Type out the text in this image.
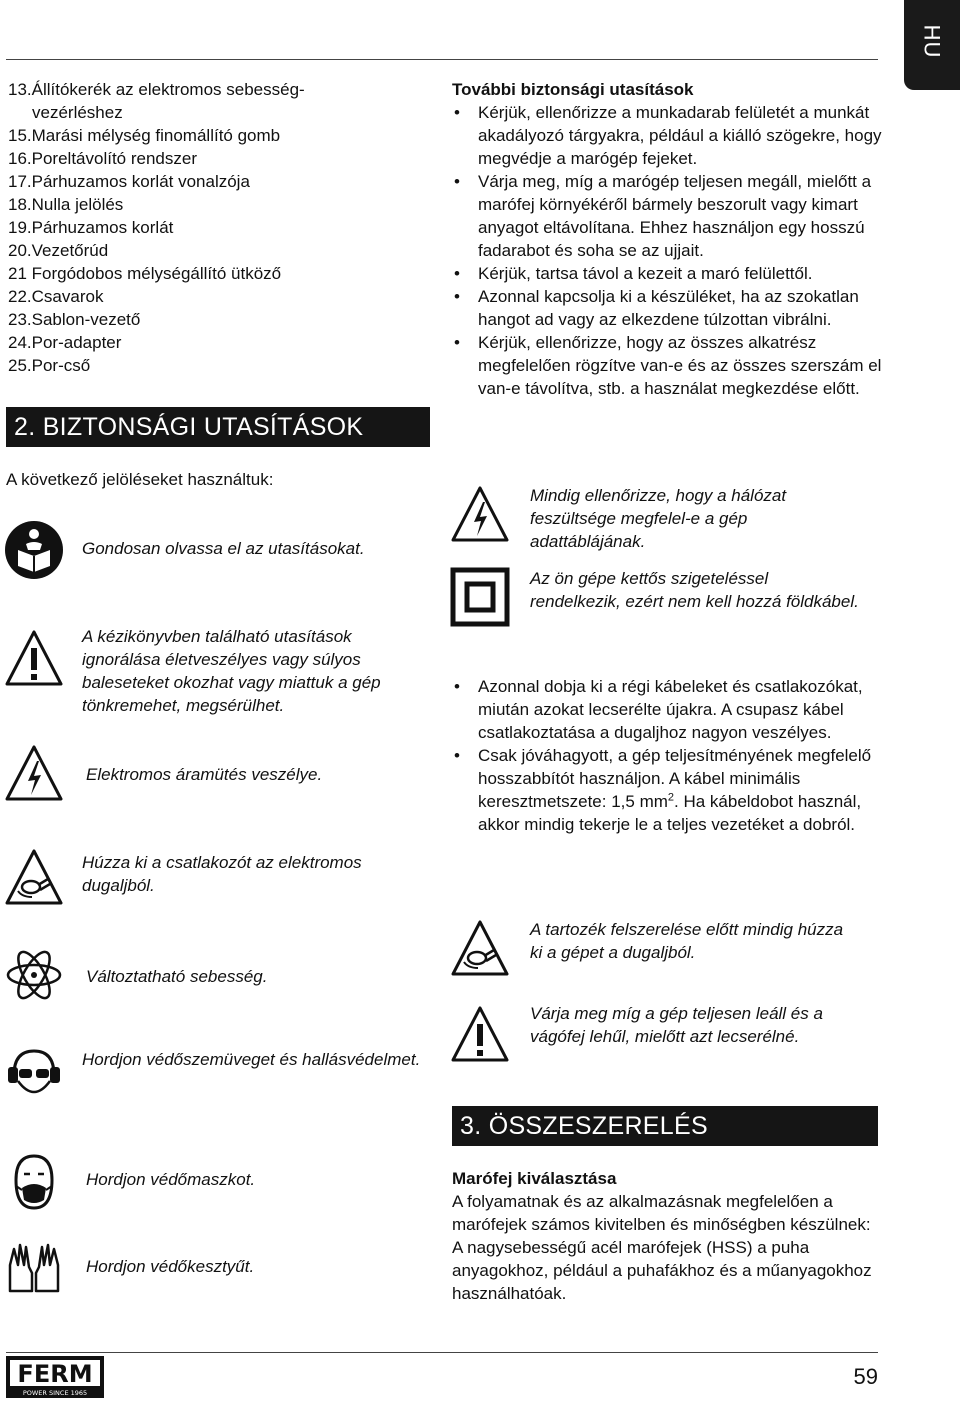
HU
13.Állítókerék az elektromos sebesség-
vezérléshez
15.Marási mélység finomállító gomb
16.Poreltávolító rendszer
17.Párhuzamos korlát vonalzója
18.Nulla jelölés
19.Párhuzamos korlát
20.Vezetőrúd
21 Forgódobos mélységállító ütköző
22.Csavarok
23.Sablon-vezető
24.Por-adapter
25.Por-cső
2. BIZTONSÁGI UTASÍTÁSOK
A következő jelöléseket használtuk:
Gondosan olvassa el az utasításokat.
A kézikönyvben található utasítások ignorálása életveszélyes vagy súlyos baleseteket okozhat vagy miattuk a gép tönkremehet, megsérülhet.
Elektromos áramütés veszélye.
Húzza ki a csatlakozót az elektromos dugaljból.
Változtatható sebesség.
Hordjon védőszemüveget és hallásvédelmet.
Hordjon védőmaszkot.
Hordjon védőkesztyűt.
További biztonsági utasítások
• Kérjük, ellenőrizze a munkadarab felületét a munkát akadályozó tárgyakra, például a kiálló szögekre, hogy megvédje a marógép fejeket.
• Várja meg, míg a marógép teljesen megáll, mielőtt a marófej környékéről bármely beszorult vagy kimart anyagot eltávolítana. Ehhez használjon egy hosszú fadarabot és soha se az ujjait.
• Kérjük, tartsa távol a kezeit a maró felülettől.
• Azonnal kapcsolja ki a készüléket, ha az szokatlan hangot ad vagy az elkezdene túlzottan vibrálni.
• Kérjük, ellenőrizze, hogy az összes alkatrész megfelelően rögzítve van-e és az összes szerszám el van-e távolítva, stb. a használat megkezdése előtt.
Mindig ellenőrizze, hogy a hálózat feszültsége megfelel-e a gép adattáblájának.
Az ön gépe kettős szigeteléssel rendelkezik, ezért nem kell hozzá földkábel.
• Azonnal dobja ki a régi kábeleket és csatlakozókat, miután azokat lecserélte újakra. A csupasz kábel csatlakoztatása a dugaljhoz nagyon veszélyes.
• Csak jóváhagyott, a gép teljesítményének megfelelő hosszabbítót használjon. A kábel minimális keresztmetszete: 1,5 $mm^2$. Ha kábeldobot használ, akkor mindig tekerje le a teljes vezetéket a dobról.
A tartozék felszerelése előtt mindig húzza ki a gépet a dugaljból.
Várja meg míg a gép teljesen leáll és a vágófej lehűl, mielőtt azt lecserélné.
3. ÖSSZESZERELÉS
Marófej kiválasztása
A folyamatnak és az alkalmazásnak megfelelően a marófejek számos kivitelben és minőségben készülnek:
A nagysebességű acél marófejek (HSS) a puha anyagokhoz, például a puhafákhoz és a műanyagokhoz használhatóak.
FERM
POWER SINCE 1965
59
